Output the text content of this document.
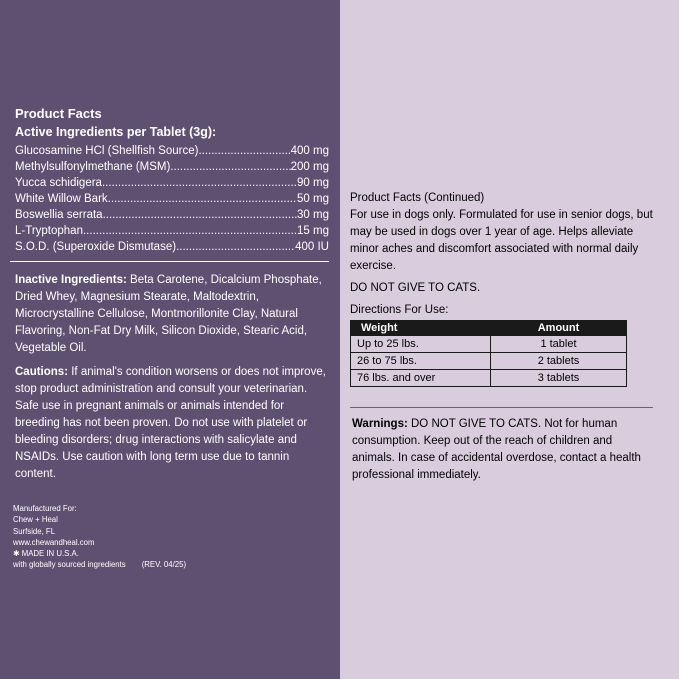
Product Facts
Active Ingredients per Tablet (3g):
Glucosamine HCl (Shellfish Source) .....	400 mg
Methylsulfonylmethane (MSM) .....	200 mg
Yucca schidigera .....	90 mg
White Willow Bark .....	50 mg
Boswellia serrata .....	30 mg
L-Tryptophan .....	15 mg
S.O.D. (Superoxide Dismutase) .....	400 IU
Inactive Ingredients: Beta Carotene, Dicalcium Phosphate, Dried Whey, Magnesium Stearate, Maltodextrin, Microcrystalline Cellulose, Montmorillonite Clay, Natural Flavoring, Non-Fat Dry Milk, Silicon Dioxide, Stearic Acid, Vegetable Oil.
Cautions: If animal's condition worsens or does not improve, stop product administration and consult your veterinarian. Safe use in pregnant animals or animals intended for breeding has not been proven. Do not use with platelet or bleeding disorders; drug interactions with salicylate and NSAIDs. Use caution with long term use due to tannin content.
Manufactured For:
Chew + Heal
Surfside, FL
www.chewandheal.com
✱ MADE IN U.S.A.
with globally sourced ingredients (REV. 04/25)
Product Facts (Continued)
For use in dogs only. Formulated for use in senior dogs, but may be used in dogs over 1 year of age. Helps alleviate minor aches and discomfort associated with normal daily exercise.
DO NOT GIVE TO CATS.
Directions For Use:
Weight	Amount
Up to 25 lbs.	1 tablet
26 to 75 lbs.	2 tablets
76 lbs. and over	3 tablets
Warnings: DO NOT GIVE TO CATS. Not for human consumption. Keep out of the reach of children and animals. In case of accidental overdose, contact a health professional immediately.
